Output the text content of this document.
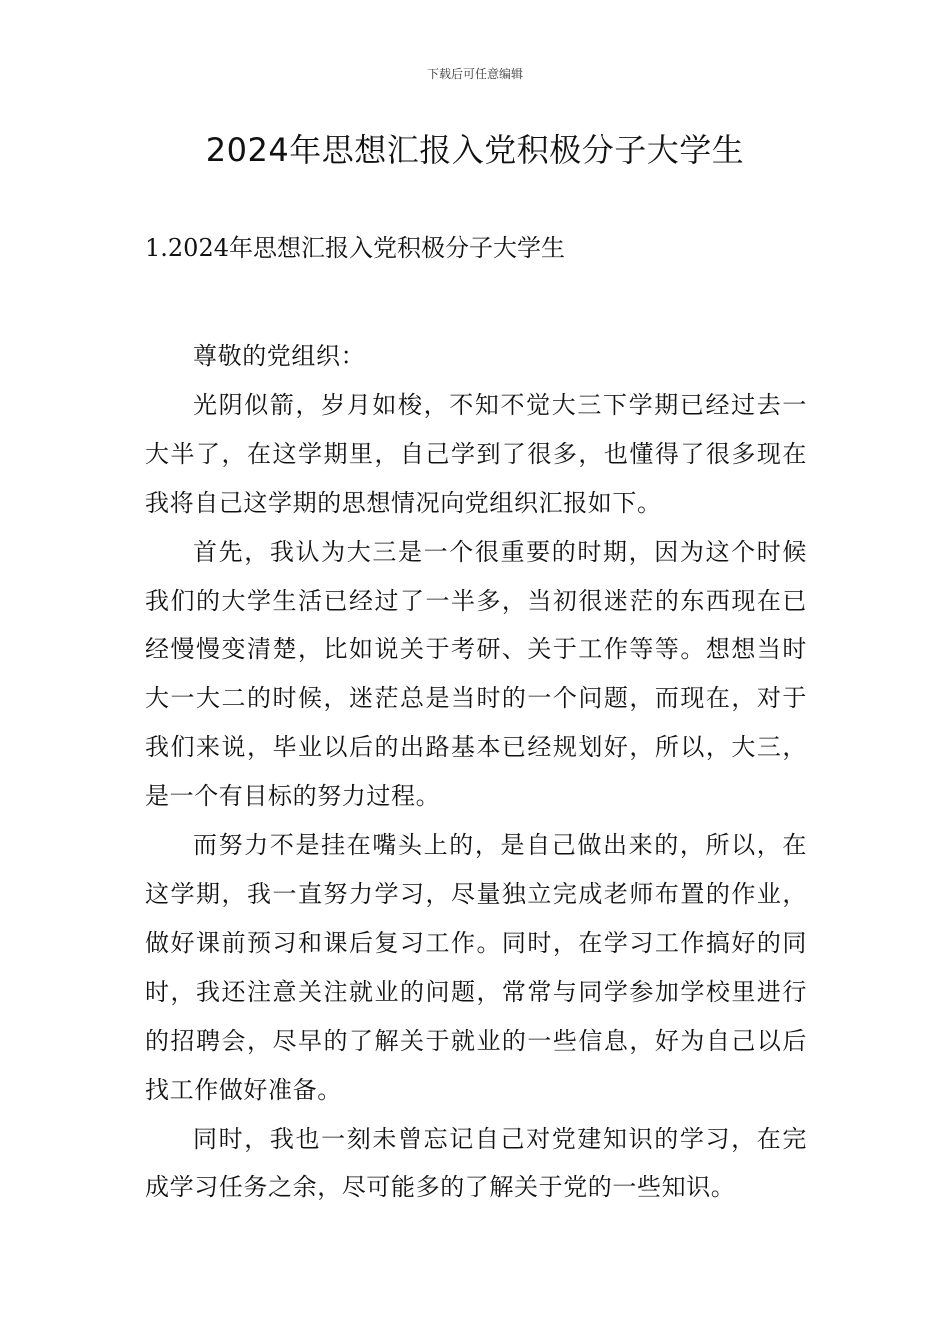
下载后可任意编辑
2024年思想汇报入党积极分子大学生
1.2024年思想汇报入党积极分子大学生

尊敬的党组织：

光阴似箭，岁月如梭，不知不觉大三下学期已经过去一大半了，在这学期里，自己学到了很多，也懂得了很多现在我将自己这学期的思想情况向党组织汇报如下。

首先，我认为大三是一个很重要的时期，因为这个时候我们的大学生活已经过了一半多，当初很迷茫的东西现在已经慢慢变清楚，比如说关于考研、关于工作等等。想想当时大一大二的时候，迷茫总是当时的一个问题，而现在，对于我们来说，毕业以后的出路基本已经规划好，所以，大三，是一个有目标的努力过程。

而努力不是挂在嘴头上的，是自己做出来的，所以，在这学期，我一直努力学习，尽量独立完成老师布置的作业，做好课前预习和课后复习工作。同时，在学习工作搞好的同时，我还注意关注就业的问题，常常与同学参加学校里进行的招聘会，尽早的了解关于就业的一些信息，好为自己以后找工作做好准备。

同时，我也一刻未曾忘记自己对党建知识的学习，在完成学习任务之余，尽可能多的了解关于党的一些知识。
